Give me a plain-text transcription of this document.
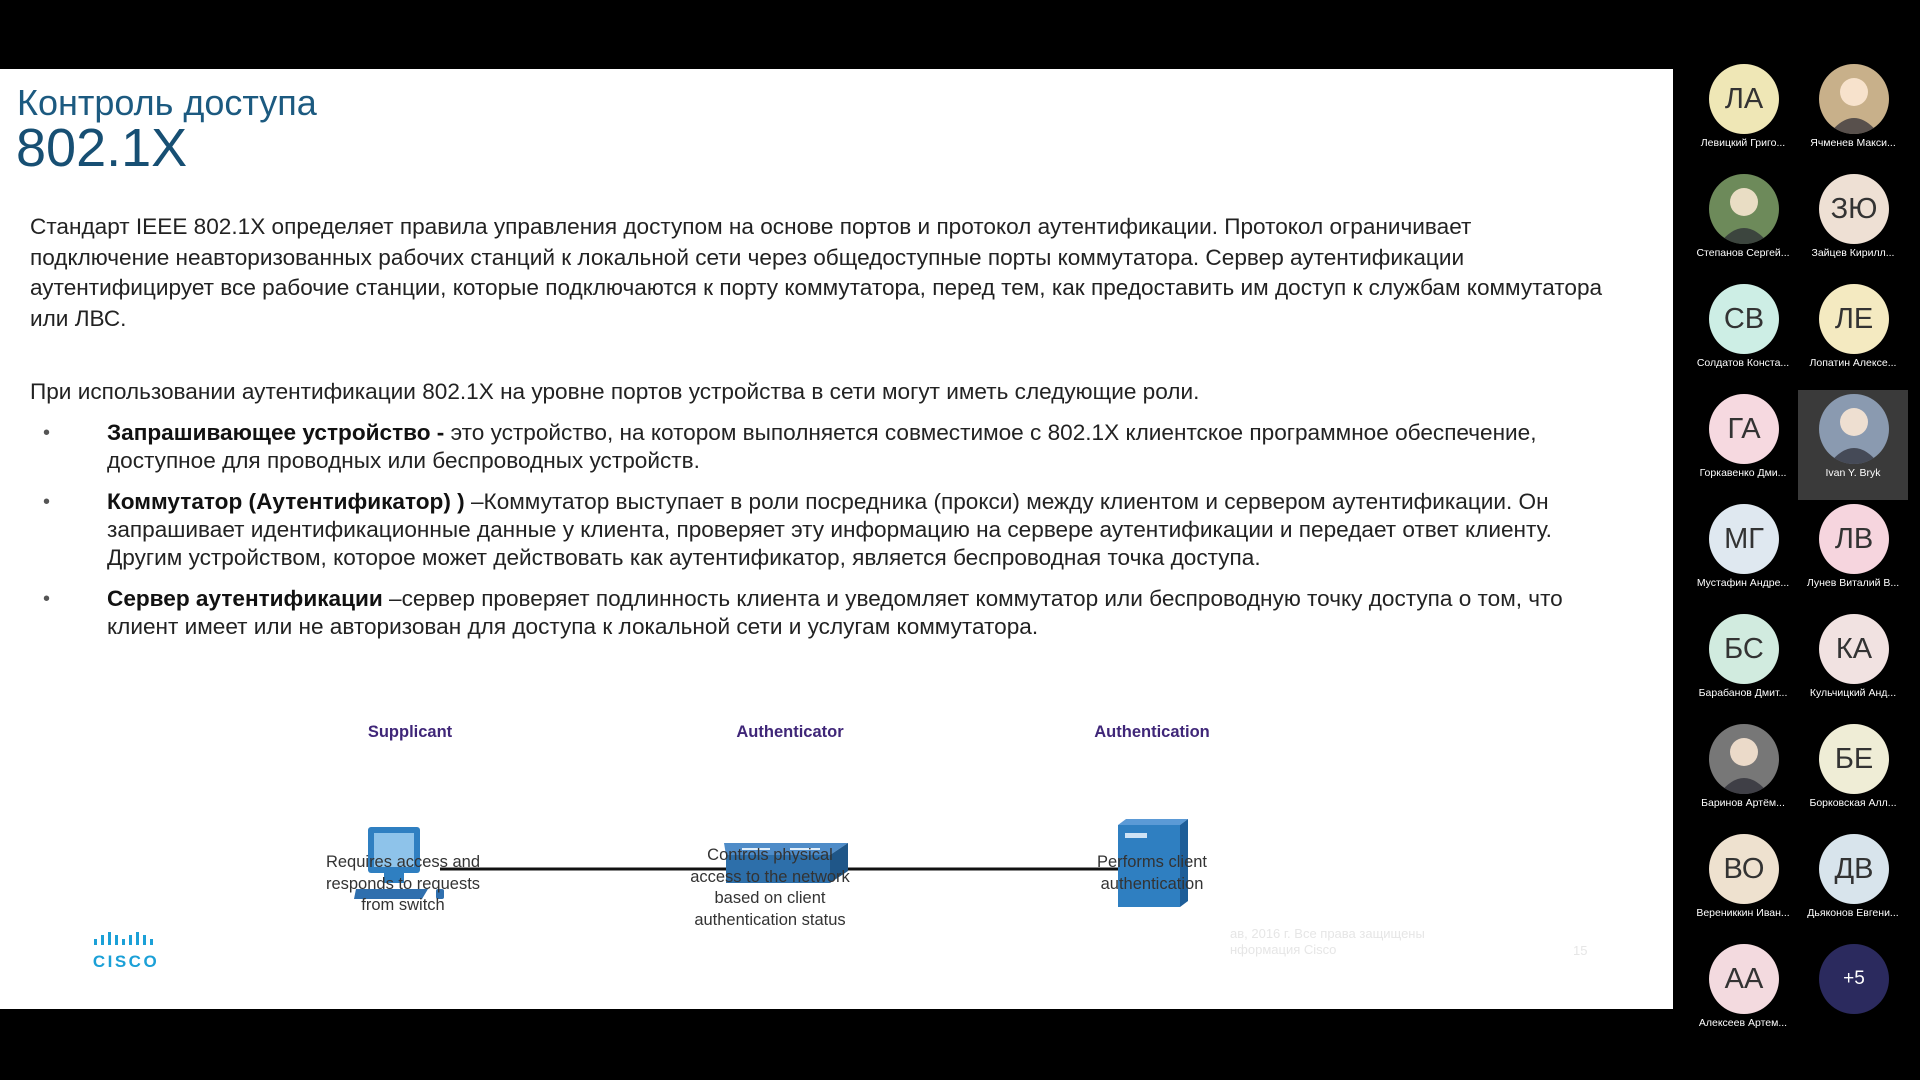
Контроль доступа
802.1X

Стандарт IEEE 802.1X определяет правила управления доступом на основе портов и протокол аутентификации. Протокол ограничивает подключение неавторизованных рабочих станций к локальной сети через общедоступные порты коммутатора. Сервер аутентификации аутентифицирует все рабочие станции, которые подключаются к порту коммутатора, перед тем, как предоставить им доступ к службам коммутатора или ЛВС.

При использовании аутентификации 802.1X на уровне портов устройства в сети могут иметь следующие роли.

•	Запрашивающее устройство - это устройство, на котором выполняется совместимое с 802.1X клиентское программное обеспечение, доступное для проводных или беспроводных устройств.
•	Коммутатор (Аутентификатор) ) –Коммутатор выступает в роли посредника (прокси) между клиентом и сервером аутентификации. Он запрашивает идентификационные данные у клиента, проверяет эту информацию на сервере аутентификации и передает ответ клиенту. Другим устройством, которое может действовать как аутентификатор, является беспроводная точка доступа.
•	Сервер аутентификации –сервер проверяет подлинность клиента и уведомляет коммутатор или беспроводную точку доступа о том, что клиент имеет или не авторизован для доступа к локальной сети и услугам коммутатора.
Supplicant	Authenticator	Authentication
Requires access and responds to requests from switch
Controls physical access to the network based on client authentication status
Performs client authentication
ав, 2016 г. Все права защищены
нформация Cisco	15
CISCO
ЛА
Левицкий Григо...	Ячменев Макси...
Степанов Сергей...
ЗЮ
Зайцев Кирилл...
СВ
Солдатов Конста...
ЛЕ
Лопатин Алексе...
ГА
Горкавенко Дми...	Ivan Y. Bryk
МГ
Мустафин Андре...
ЛВ
Лунев Виталий В...
БС
Барабанов Дмит...
КА
Кульчицкий Анд...
Баринов Артём...
БЕ
Борковская Алл...
ВО
Верениккин Иван...
ДВ
Дьяконов Евгени...
АА
Алексеев Артем...
+5
